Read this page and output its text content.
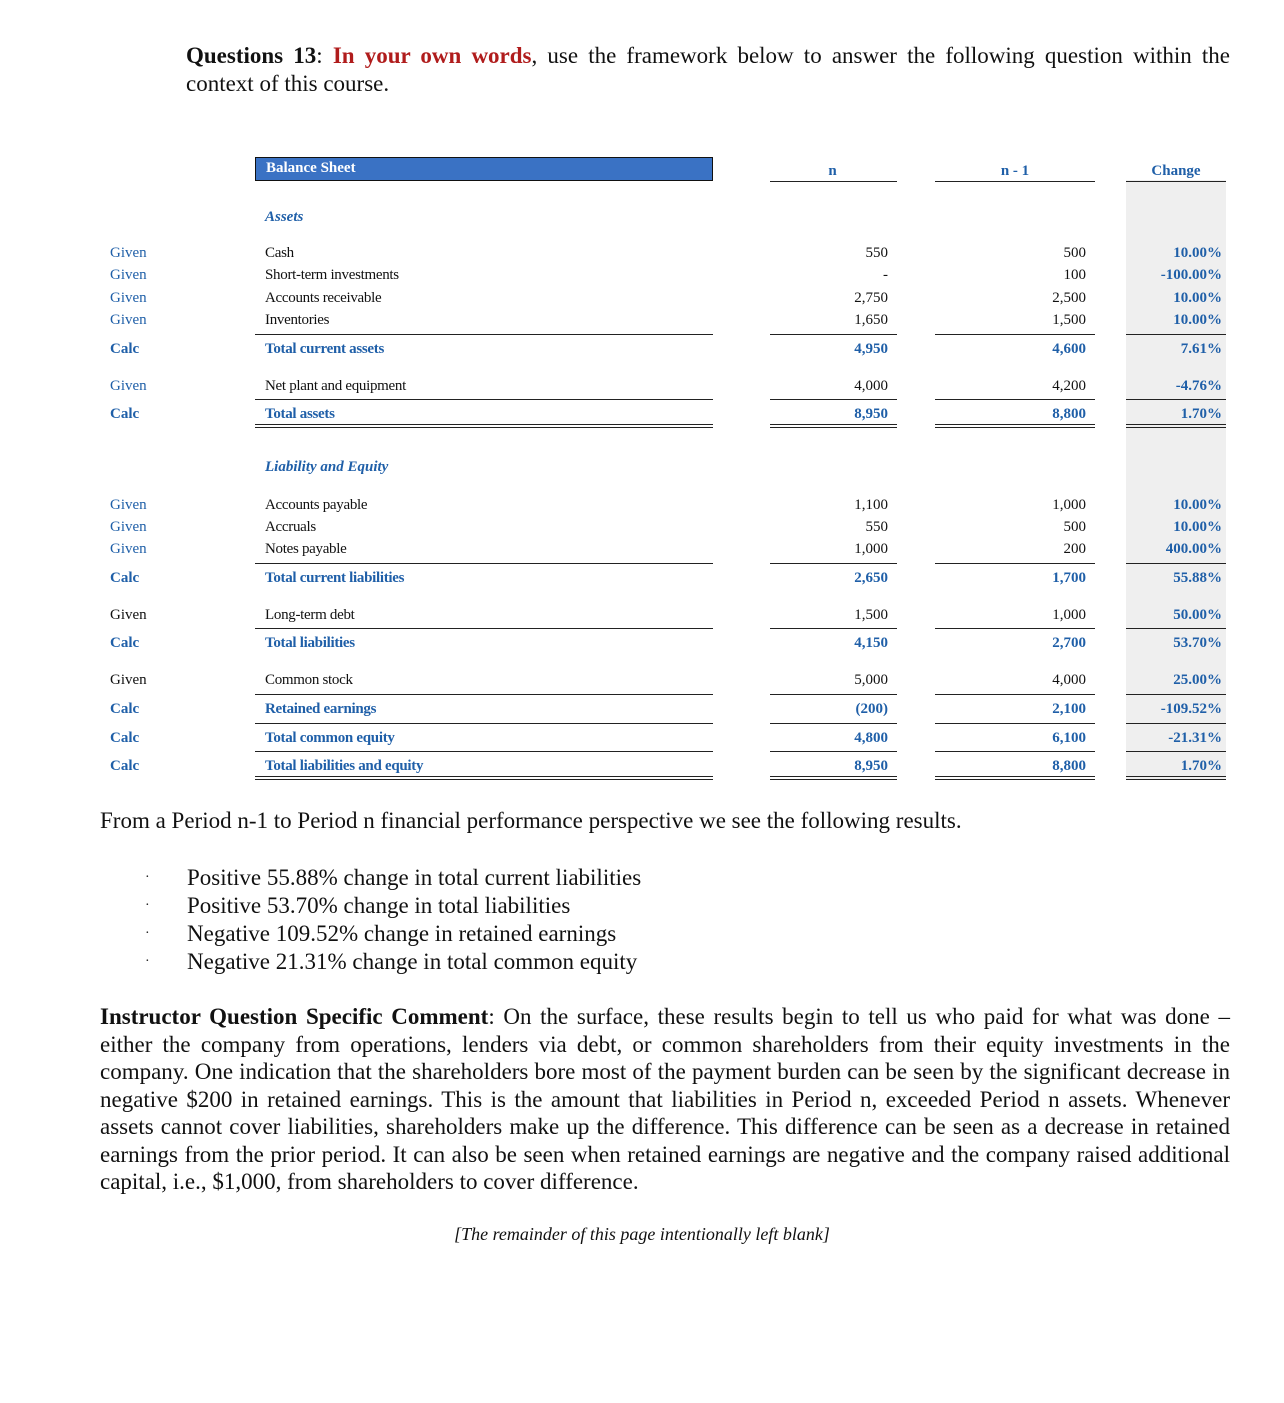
Questions 13: In your own words, use the framework below to answer the following question within the context of this course.
Balance Sheet	n	n - 1	Change
Assets
Liability and Equity
Given	Cash	550	500	10.00%
Given	Short-term investments	-	100	-100.00%
Given	Accounts receivable	2,750	2,500	10.00%
Given	Inventories	1,650	1,500	10.00%
Calc	Total current assets	4,950	4,600	7.61%
Given	Net plant and equipment	4,000	4,200	-4.76%
Calc	Total assets	8,950	8,800	1.70%
Given	Accounts payable	1,100	1,000	10.00%
Given	Accruals	550	500	10.00%
Given	Notes payable	1,000	200	400.00%
Calc	Total current liabilities	2,650	1,700	55.88%
Given	Long-term debt	1,500	1,000	50.00%
Calc	Total liabilities	4,150	2,700	53.70%
Given	Common stock	5,000	4,000	25.00%
Calc	Retained earnings	(200)	2,100	-109.52%
Calc	Total common equity	4,800	6,100	-21.31%
Calc	Total liabilities and equity	8,950	8,800	1.70%
From a Period n-1 to Period n financial performance perspective we see the following results.
·	Positive 55.88% change in total current liabilities
·	Positive 53.70% change in total liabilities
·	Negative 109.52% change in retained earnings
·	Negative 21.31% change in total common equity
Instructor Question Specific Comment: On the surface, these results begin to tell us who paid for what was done – either the company from operations, lenders via debt, or common shareholders from their equity investments in the company. One indication that the shareholders bore most of the payment burden can be seen by the significant decrease in negative $200 in retained earnings. This is the amount that liabilities in Period n, exceeded Period n assets. Whenever assets cannot cover liabilities, shareholders make up the difference. This difference can be seen as a decrease in retained earnings from the prior period. It can also be seen when retained earnings are negative and the company raised additional capital, i.e., $1,000, from shareholders to cover difference.
[The remainder of this page intentionally left blank]
